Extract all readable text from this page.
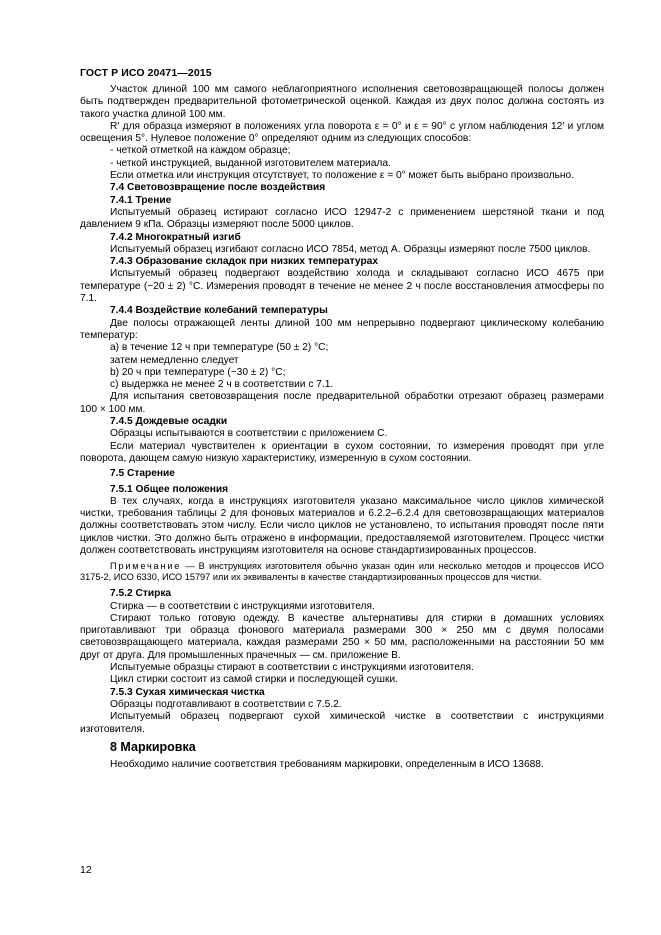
ГОСТ Р ИСО 20471—2015
Участок длиной 100 мм самого неблагоприятного исполнения световозвращающей полосы должен быть подтвержден предварительной фотометрической оценкой. Каждая из двух полос должна состоять из такого участка длиной 100 мм.
R′ для образца измеряют в положениях угла поворота ε = 0° и ε = 90° с углом наблюдения 12′ и углом освещения 5°. Нулевое положение 0° определяют одним из следующих способов:
- четкой отметкой на каждом образце;
- четкой инструкцией, выданной изготовителем материала.
Если отметка или инструкция отсутствует, то положение ε = 0° может быть выбрано произвольно.
7.4 Световозвращение после воздействия
7.4.1 Трение
Испытуемый образец истирают согласно ИСО 12947-2 с применением шерстяной ткани и под давлением 9 кПа. Образцы измеряют после 5000 циклов.
7.4.2 Многократный изгиб
Испытуемый образец изгибают согласно ИСО 7854, метод А. Образцы измеряют после 7500 циклов.
7.4.3 Образование складок при низких температурах
Испытуемый образец подвергают воздействию холода и складывают согласно ИСО 4675 при температуре (−20 ± 2) °С. Измерения проводят в течение не менее 2 ч после восстановления атмосферы по 7.1.
7.4.4 Воздействие колебаний температуры
Две полосы отражающей ленты длиной 100 мм непрерывно подвергают циклическому колебанию температур:
а) в течение 12 ч при температуре (50 ± 2) °С;
затем немедленно следует
b) 20 ч при температуре (−30 ± 2) °С;
с) выдержка не менее 2 ч в соответствии с 7.1.
Для испытания световозвращения после предварительной обработки отрезают образец размерами 100 × 100 мм.
7.4.5 Дождевые осадки
Образцы испытываются в соответствии с приложением С.
Если материал чувствителен к ориентации в сухом состоянии, то измерения проводят при угле поворота, дающем самую низкую характеристику, измеренную в сухом состоянии.
7.5 Старение
7.5.1 Общее положения
В тех случаях, когда в инструкциях изготовителя указано максимальное число циклов химической чистки, требования таблицы 2 для фоновых материалов и 6.2.2–6.2.4 для световозвращающих материалов должны соответствовать этом числу. Если число циклов не установлено, то испытания проводят после пяти циклов чистки. Это должно быть отражено в информации, предоставляемой изготовителем. Процесс чистки должен соответствовать инструкциям изготовителя на основе стандартизированных процессов.
Примечание — В инструкциях изготовителя обычно указан один или несколько методов и процессов ИСО 3175-2, ИСО 6330, ИСО 15797 или их эквиваленты в качестве стандартизированных процессов для чистки.
7.5.2 Стирка
Стирка — в соответствии с инструкциями изготовителя.
Стирают только готовую одежду. В качестве альтернативы для стирки в домашних условиях приготавливают три образца фонового материала размерами 300 × 250 мм с двумя полосами световозвращающего материала, каждая размерами 250 × 50 мм, расположенными на расстоянии 50 мм друг от друга. Для промышленных прачечных — см. приложение В.
Испытуемые образцы стирают в соответствии с инструкциями изготовителя.
Цикл стирки состоит из самой стирки и последующей сушки.
7.5.3 Сухая химическая чистка
Образцы подготавливают в соответствии с 7.5.2.
Испытуемый образец подвергают сухой химической чистке в соответствии с инструкциями изготовителя.
8 Маркировка
Необходимо наличие соответствия требованиям маркировки, определенным в ИСО 13688.
12
